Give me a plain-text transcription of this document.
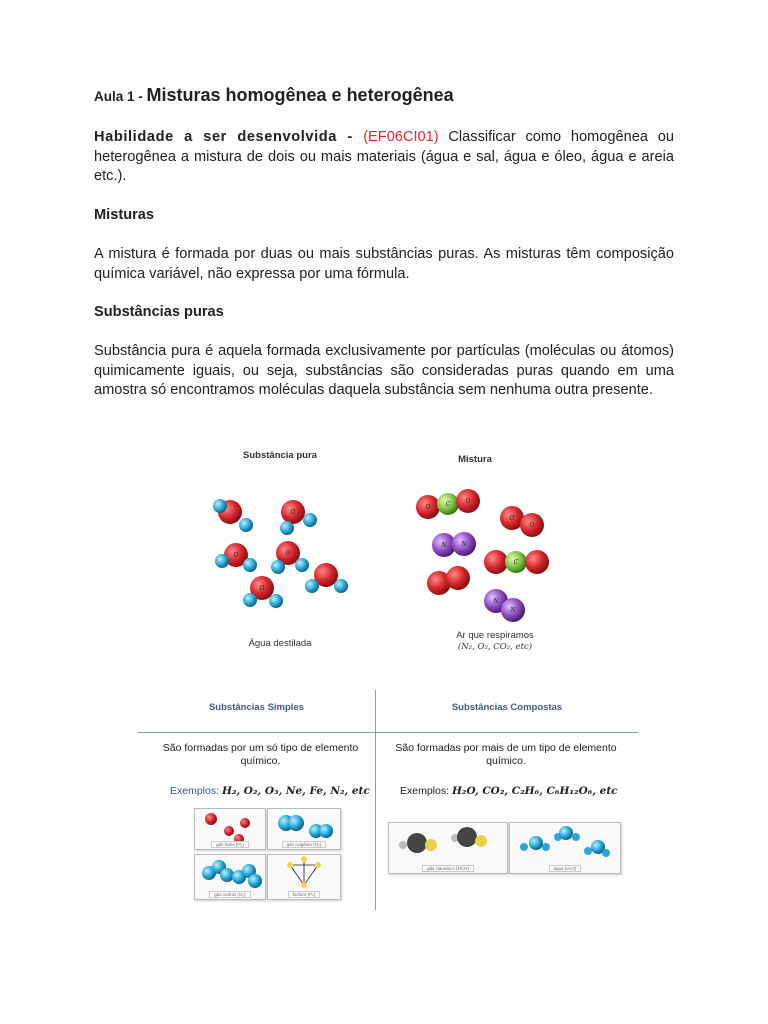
Aula 1 - Misturas homogênea e heterogênea
Habilidade a ser desenvolvida - (EF06CI01) Classificar como homogênea ou heterogênea a mistura de dois ou mais materiais (água e sal, água e óleo, água e areia etc.).
Misturas
A mistura é formada por duas ou mais substâncias puras. As misturas têm composição química variável, não expressa por uma fórmula.
Substâncias puras
Substância pura é aquela formada exclusivamente por partículas (moléculas ou átomos) quimicamente iguais, ou seja, substâncias são consideradas puras quando em uma amostra só encontramos moléculas daquela substância sem nenhuma outra presente.
Substância pura	Mistura
O	C	O
N N
O
O
C
N
N
O	O
O
O
Água destilada
Ar que respiramos
(N₂, O₂, CO₂, etc)
Substâncias Simples	Substâncias Compostas
São formadas por um só tipo de elemento
químico.
São formadas por mais de um tipo de elemento
químico.
Exemplos: H₂, O₂, O₃, Ne, Fe, N₂, etc	Exemplos: H₂O, CO₂, C₂H₆, C₆H₁₂O₆, etc
gás hidro (H₂)	gás oxigênio (O₂)
gás ozônio (O₃)	fósforo (P₄)
gás cianídrico (HCN)	água (H₂O)
